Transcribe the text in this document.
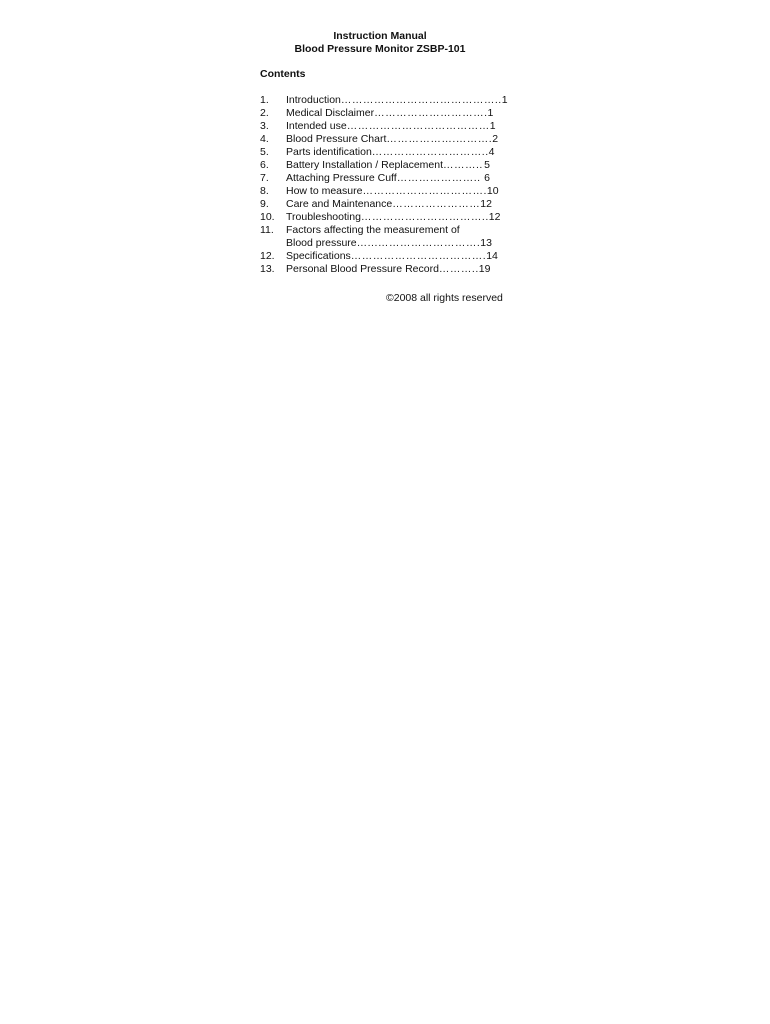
Instruction Manual
Blood Pressure Monitor ZSBP-101
Contents
1.	Introduction …………………………………….. 1
2.	Medical Disclaimer …………………………. 1
3.	Intended use ………………………………… 1
4.	Blood Pressure Chart ……………….………. 2
5.	Parts identification ………………………….. 4
6.	Battery Installation / Replacement ……….. 5
7.	Attaching Pressure Cuff ………………….. 6
8.	How to measure ……………………………. 10
9.	Care and Maintenance …………………… 12
10.	Troubleshooting …………………………….. 12
11.	Factors affecting the measurement of
Blood pressure …...………………………. 13
12.	Specifications ………………………………. 14
13.	Personal Blood Pressure Record ……….. 19
©2008 all rights reserved
